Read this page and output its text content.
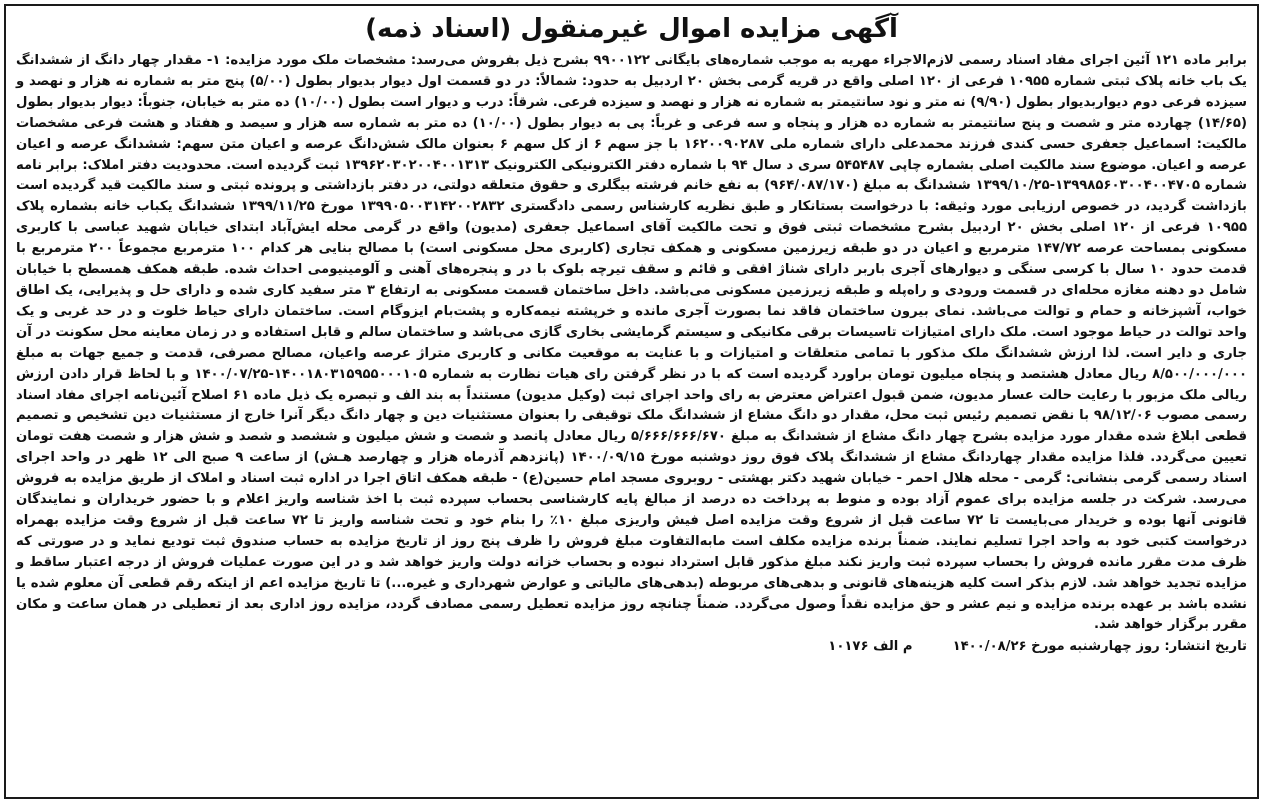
آگهی مزایده اموال غیرمنقول (اسناد ذمه)

برابر ماده ۱۲۱ آئین اجرای مفاد اسناد رسمی لازم‌الاجراء مهریه به موجب شماره‌های بایگانی ۹۹۰۰۱۲۲ بشرح ذیل بفروش می‌رسد: مشخصات ملک مورد مزایده: ۱- مقدار چهار دانگ از ششدانگ یک باب خانه پلاک ثبتی شماره ۱۰۹۵۵ فرعی از ۱۲۰ اصلی واقع در قریه گرمی بخش ۲۰ اردبیل به حدود: شمالاً: در دو قسمت اول دیوار بدیوار بطول (۵/۰۰) پنج متر به شماره نه هزار و نهصد و سیزده فرعی دوم دیواربدیوار بطول (۹/۹۰) نه متر و نود سانتیمتر به شماره نه هزار و نهصد و سیزده فرعی. شرقاً: درب و دیوار است بطول (۱۰/۰۰) ده متر به خیابان، جنوباً: دیوار بدیوار بطول (۱۴/۶۵) چهارده متر و شصت و پنج سانتیمتر به شماره ده هزار و پنجاه و سه فرعی و غرباً: پی به دیوار بطول (۱۰/۰۰) ده متر به شماره سه هزار و سیصد و هفتاد و هشت فرعی مشخصات مالکیت: اسماعیل جعفری حسی کندی فرزند محمدعلی دارای شماره ملی ۱۶۲۰۰۹۰۲۸۷ با جز سهم ۶ از کل سهم ۶ بعنوان مالک شش‌دانگ عرصه و اعیان متن سهم: ششدانگ عرصه و اعیان عرصه و اعیان. موضوع سند مالکیت اصلی بشماره چاپی ۵۴۵۴۸۷ سری د سال ۹۴ با شماره دفتر الکترونیکی الکترونیک ۱۳۹۶۲۰۳۰۲۰۰۴۰۰۱۳۱۳ ثبت گردیده است. محدودیت دفتر املاک: برابر نامه شماره ۱۳۹۹۸۵۶۰۳۰۰۴۰۰۴۷۰۵-۱۳۹۹/۱۰/۲۵ ششدانگ به مبلغ (۹۶۴/۰۸۷/۱۷۰) به نفع خانم فرشته بیگلری و حقوق متعلقه دولتی، در دفتر بازداشتی و پرونده ثبتی و سند مالکیت قید گردیده است بازداشت گردید، در خصوص ارزیابی مورد وثیقه: با درخواست بستانکار و طبق نظریه کارشناس رسمی دادگستری ۱۳۹۹۰۵۰۰۳۱۴۲۰۰۲۸۳۲ مورخ ۱۳۹۹/۱۱/۲۵ ششدانگ یکباب خانه بشماره پلاک ۱۰۹۵۵ فرعی از ۱۲۰ اصلی بخش ۲۰ اردبیل بشرح مشخصات ثبتی فوق و تحت مالکیت آقای اسماعیل جعفری (مدیون) واقع در گرمی محله ایش‌آباد ابتدای خیابان شهید عباسی با کاربری مسکونی بمساحت عرصه ۱۴۷/۷۲ مترمربع و اعیان در دو طبقه زیرزمین مسکونی و همکف تجاری (کاربری محل مسکونی است) با مصالح بنایی هر کدام ۱۰۰ مترمربع مجموعاً ۲۰۰ مترمربع با قدمت حدود ۱۰ سال با کرسی سنگی و دیوارهای آجری باربر دارای شناژ افقی و قائم و سقف تیرچه بلوک با در و پنجره‌های آهنی و آلومینیومی احداث شده. طبقه همکف همسطح با خیابان شامل دو دهنه مغازه محله‌ای در قسمت ورودی و راه‌پله و طبقه زیرزمین مسکونی می‌باشد. داخل ساختمان قسمت مسکونی به ارتفاع ۳ متر سفید کاری شده و دارای حل و پذیرایی، یک اطاق خواب، آشپزخانه و حمام و توالت می‌باشد. نمای بیرون ساختمان فاقد نما بصورت آجری مانده و خرپشته نیمه‌کاره و پشت‌بام ایزوگام است. ساختمان دارای حیاط خلوت و در حد غربی و یک واحد توالت در حیاط موجود است. ملک دارای امتیازات تاسیسات برقی مکانیکی و سیستم گرمایشی بخاری گازی می‌باشد و ساختمان سالم و قابل استفاده و در زمان معاینه محل سکونت در آن جاری و دایر است. لذا ارزش ششدانگ ملک مذکور با تمامی متعلقات و امتیازات و با عنایت به موقعیت مکانی و کاربری متراژ عرصه واعیان، مصالح مصرفی، قدمت و جمیع جهات به مبلغ ۸/۵۰۰/۰۰۰/۰۰۰ ریال معادل هشتصد و پنجاه میلیون تومان براورد گردیده است که با در نظر گرفتن رای هیات نظارت به شماره ۱۴۰۰۱۸۰۳۱۵۹۵۵۰۰۰۱۰۵-۱۴۰۰/۰۷/۲۵ و با لحاظ قرار دادن ارزش ریالی ملک مزبور با رعایت حالت عسار مدیون، ضمن قبول اعتراض معترض به رای واحد اجرای ثبت (وکیل مدیون) مستنداً به بند الف و تبصره یک ذیل ماده ۶۱ اصلاح آئین‌نامه اجرای مفاد اسناد رسمی مصوب ۹۸/۱۲/۰۶ با نقض تصمیم رئیس ثبت محل، مقدار دو دانگ مشاع از ششدانگ ملک توقیفی را بعنوان مستثنیات دین و چهار دانگ دیگر آنرا خارج از مستثنیات دین تشخیص و تصمیم قطعی ابلاغ شده مقدار مورد مزایده بشرح چهار دانگ مشاع از ششدانگ به مبلغ ۵/۶۶۶/۶۶۶/۶۷۰ ریال معادل پانصد و شصت و شش میلیون و ششصد و شصد و شش هزار و شصت هفت تومان تعیین می‌گردد. فلذا مزایده مقدار چهاردانگ مشاع از ششدانگ پلاک فوق روز دوشنبه مورخ ۱۴۰۰/۰۹/۱۵ (پانزدهم آذرماه هزار و چهارصد هـش) از ساعت ۹ صبح الی ۱۲ ظهر در واحد اجرای اسناد رسمی گرمی بنشانی: گرمی - محله هلال احمر - خیابان شهید دکتر بهشتی - روبروی مسجد امام حسین(ع) - طبقه همکف اتاق اجرا در اداره ثبت اسناد و املاک از طریق مزایده به فروش می‌رسد. شرکت در جلسه مزایده برای عموم آزاد بوده و منوط به پرداخت ده درصد از مبالغ پایه کارشناسی بحساب سپرده ثبت با اخذ شناسه واریز اعلام و با حضور خریداران و نمایندگان قانونی آنها بوده و خریدار می‌بایست تا ۷۲ ساعت قبل از شروع وقت مزایده اصل فیش واریزی مبلغ ۱۰٪ را بنام خود و تحت شناسه واریز تا ۷۲ ساعت قبل از شروع وقت مزایده بهمراه درخواست کتبی خود به واحد اجرا تسلیم نمایند. ضمناً برنده مزایده مکلف است مابه‌التفاوت مبلغ فروش را ظرف پنج روز از تاریخ مزایده به حساب صندوق ثبت تودیع نماید و در صورتی که ظرف مدت مقرر مانده فروش را بحساب سپرده ثبت واریز نکند مبلغ مذکور قابل استرداد نبوده و بحساب خزانه دولت واریز خواهد شد و در این صورت عملیات فروش از درجه اعتبار ساقط و مزایده تجدید خواهد شد. لازم بذکر است کلیه هزینه‌های قانونی و بدهی‌های مربوطه (بدهی‌های مالیاتی و عوارض شهرداری و غیره...) تا تاریخ مزایده اعم از اینکه رقم قطعی آن معلوم شده یا نشده باشد بر عهده برنده مزایده و نیم عشر و حق مزایده نقداً وصول می‌گردد. ضمناً چنانچه روز مزایده تعطیل رسمی مصادف گردد، مزایده روز اداری بعد از تعطیلی در همان ساعت و مکان مقرر برگزار خواهد شد.

تاریخ انتشار: روز چهارشنبه مورخ ۱۴۰۰/۰۸/۲۶
م الف ۱۰۱۷۶
